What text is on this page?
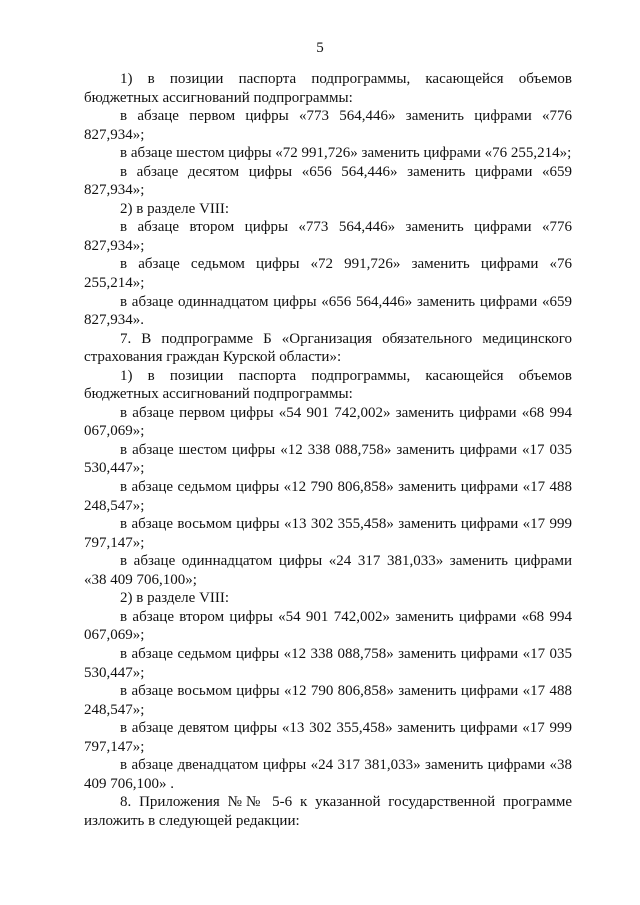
5

1) в позиции паспорта подпрограммы, касающейся объемов бюджетных ассигнований подпрограммы:

в абзаце первом цифры «773 564,446» заменить цифрами «776 827,934»;

в абзаце шестом цифры «72 991,726» заменить цифрами «76 255,214»;

в абзаце десятом цифры «656 564,446» заменить цифрами «659 827,934»;

2) в разделе VIII:

в абзаце втором цифры «773 564,446» заменить цифрами «776 827,934»;

в абзаце седьмом цифры «72 991,726» заменить цифрами «76 255,214»;

в абзаце одиннадцатом цифры «656 564,446» заменить цифрами «659 827,934».

7. В подпрограмме Б «Организация обязательного медицинского страхования граждан Курской области»:

1) в позиции паспорта подпрограммы, касающейся объемов бюджетных ассигнований подпрограммы:

в абзаце первом цифры «54 901 742,002» заменить цифрами «68 994 067,069»;

в абзаце шестом цифры «12 338 088,758» заменить цифрами «17 035 530,447»;

в абзаце седьмом цифры «12 790 806,858» заменить цифрами «17 488 248,547»;

в абзаце восьмом цифры «13 302 355,458» заменить цифрами «17 999 797,147»;

в абзаце одиннадцатом цифры «24 317 381,033» заменить цифрами «38 409 706,100»;

2) в разделе VIII:

в абзаце втором цифры «54 901 742,002» заменить цифрами «68 994 067,069»;

в абзаце седьмом цифры «12 338 088,758» заменить цифрами «17 035 530,447»;

в абзаце восьмом цифры «12 790 806,858» заменить цифрами «17 488 248,547»;

в абзаце девятом цифры «13 302 355,458» заменить цифрами «17 999 797,147»;

в абзаце двенадцатом цифры «24 317 381,033» заменить цифрами «38 409 706,100» .

8. Приложения №№ 5-6 к указанной государственной программе изложить в следующей редакции:
